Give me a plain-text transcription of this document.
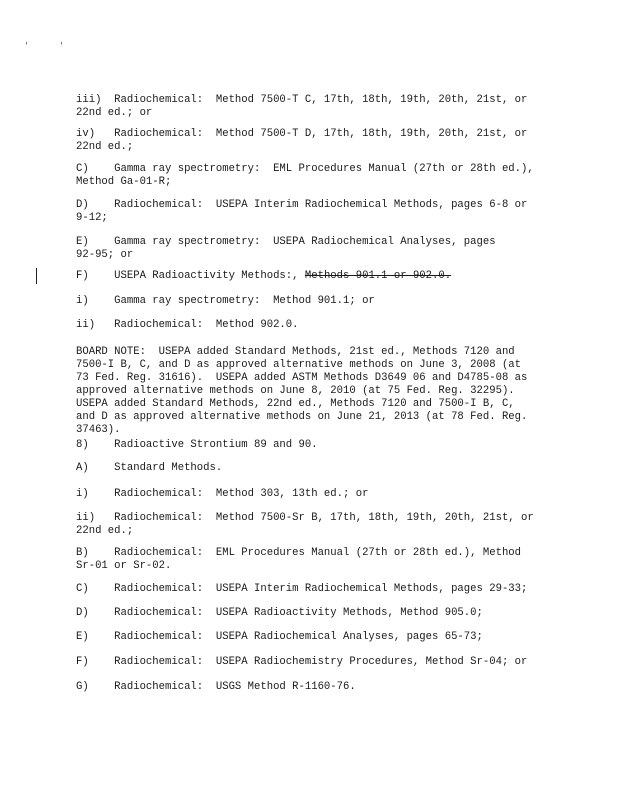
'	'

iii)  Radiochemical:  Method 7500-T C, 17th, 18th, 19th, 20th, 21st, or
22nd ed.; or

iv)   Radiochemical:  Method 7500-T D, 17th, 18th, 19th, 20th, 21st, or
22nd ed.;

C)    Gamma ray spectrometry:  EML Procedures Manual (27th or 28th ed.),
Method Ga-01-R;

D)    Radiochemical:  USEPA Interim Radiochemical Methods, pages 6-8 or
9-12;

E)    Gamma ray spectrometry:  USEPA Radiochemical Analyses, pages
92-95; or

F)    USEPA Radioactivity Methods:, Methods 901.1 or 902.0.

i)    Gamma ray spectrometry:  Method 901.1; or

ii)   Radiochemical:  Method 902.0.

BOARD NOTE:  USEPA added Standard Methods, 21st ed., Methods 7120 and
7500-I B, C, and D as approved alternative methods on June 3, 2008 (at
73 Fed. Reg. 31616).  USEPA added ASTM Methods D3649 06 and D4785-08 as
approved alternative methods on June 8, 2010 (at 75 Fed. Reg. 32295).
USEPA added Standard Methods, 22nd ed., Methods 7120 and 7500-I B, C,
and D as approved alternative methods on June 21, 2013 (at 78 Fed. Reg.
37463).

8)    Radioactive Strontium 89 and 90.

A)    Standard Methods.

i)    Radiochemical:  Method 303, 13th ed.; or

ii)   Radiochemical:  Method 7500-Sr B, 17th, 18th, 19th, 20th, 21st, or
22nd ed.;

B)    Radiochemical:  EML Procedures Manual (27th or 28th ed.), Method
Sr-01 or Sr-02.

C)    Radiochemical:  USEPA Interim Radiochemical Methods, pages 29-33;

D)    Radiochemical:  USEPA Radioactivity Methods, Method 905.0;

E)    Radiochemical:  USEPA Radiochemical Analyses, pages 65-73;

F)    Radiochemical:  USEPA Radiochemistry Procedures, Method Sr-04; or

G)    Radiochemical:  USGS Method R-1160-76.
